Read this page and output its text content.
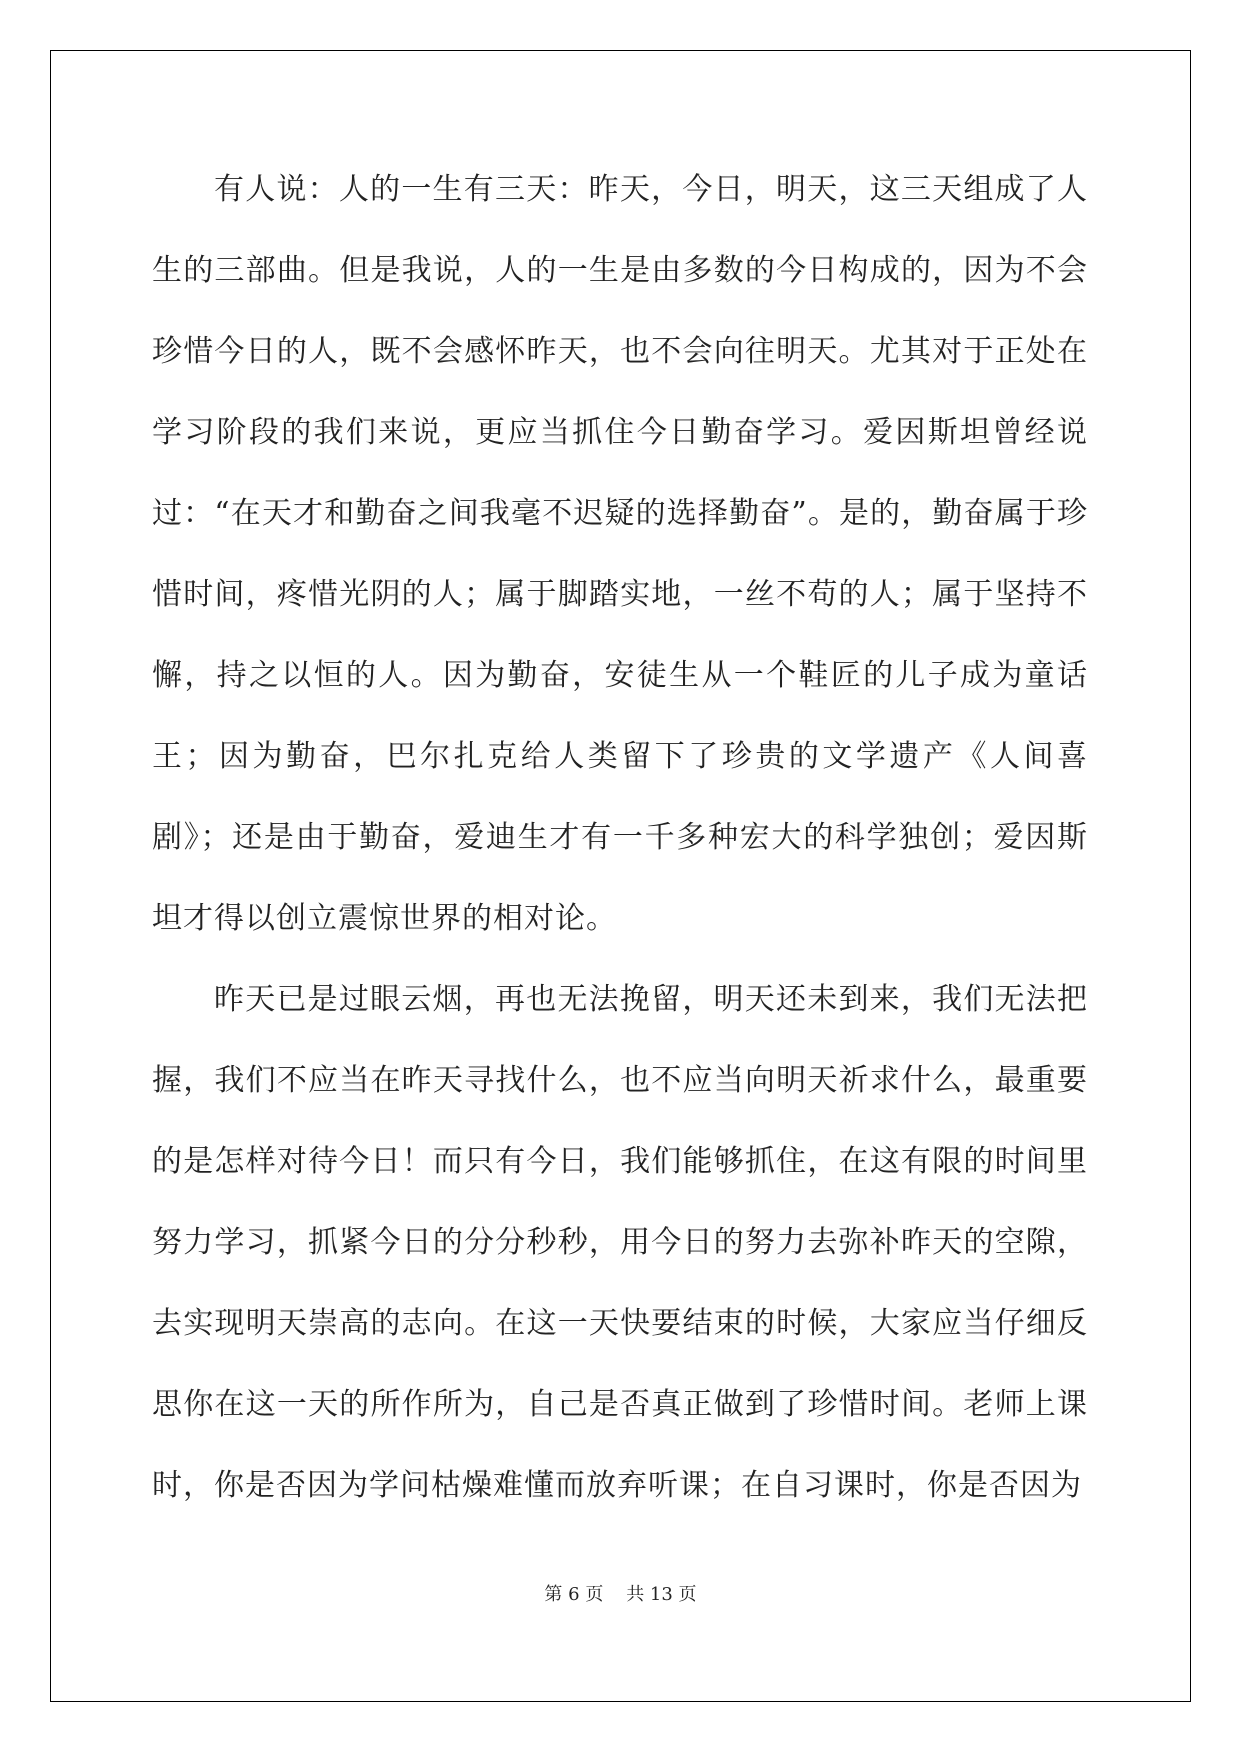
有人说：人的一生有三天：昨天，今日，明天，这三天组成了人生的三部曲。但是我说，人的一生是由多数的今日构成的，因为不会珍惜今日的人，既不会感怀昨天，也不会向往明天。尤其对于正处在学习阶段的我们来说，更应当抓住今日勤奋学习。爱因斯坦曾经说过：“在天才和勤奋之间我毫不迟疑的选择勤奋”。是的，勤奋属于珍惜时间，疼惜光阴的人；属于脚踏实地，一丝不苟的人；属于坚持不懈，持之以恒的人。因为勤奋，安徒生从一个鞋匠的儿子成为童话王；因为勤奋，巴尔扎克给人类留下了珍贵的文学遗产《人间喜剧》；还是由于勤奋，爱迪生才有一千多种宏大的科学独创；爱因斯坦才得以创立震惊世界的相对论。

昨天已是过眼云烟，再也无法挽留，明天还未到来，我们无法把握，我们不应当在昨天寻找什么，也不应当向明天祈求什么，最重要的是怎样对待今日！而只有今日，我们能够抓住，在这有限的时间里努力学习，抓紧今日的分分秒秒，用今日的努力去弥补昨天的空隙，去实现明天崇高的志向。在这一天快要结束的时候，大家应当仔细反思你在这一天的所作所为，自己是否真正做到了珍惜时间。老师上课时，你是否因为学问枯燥难懂而放弃听课；在自习课时，你是否因为

第 6 页    共 13 页
